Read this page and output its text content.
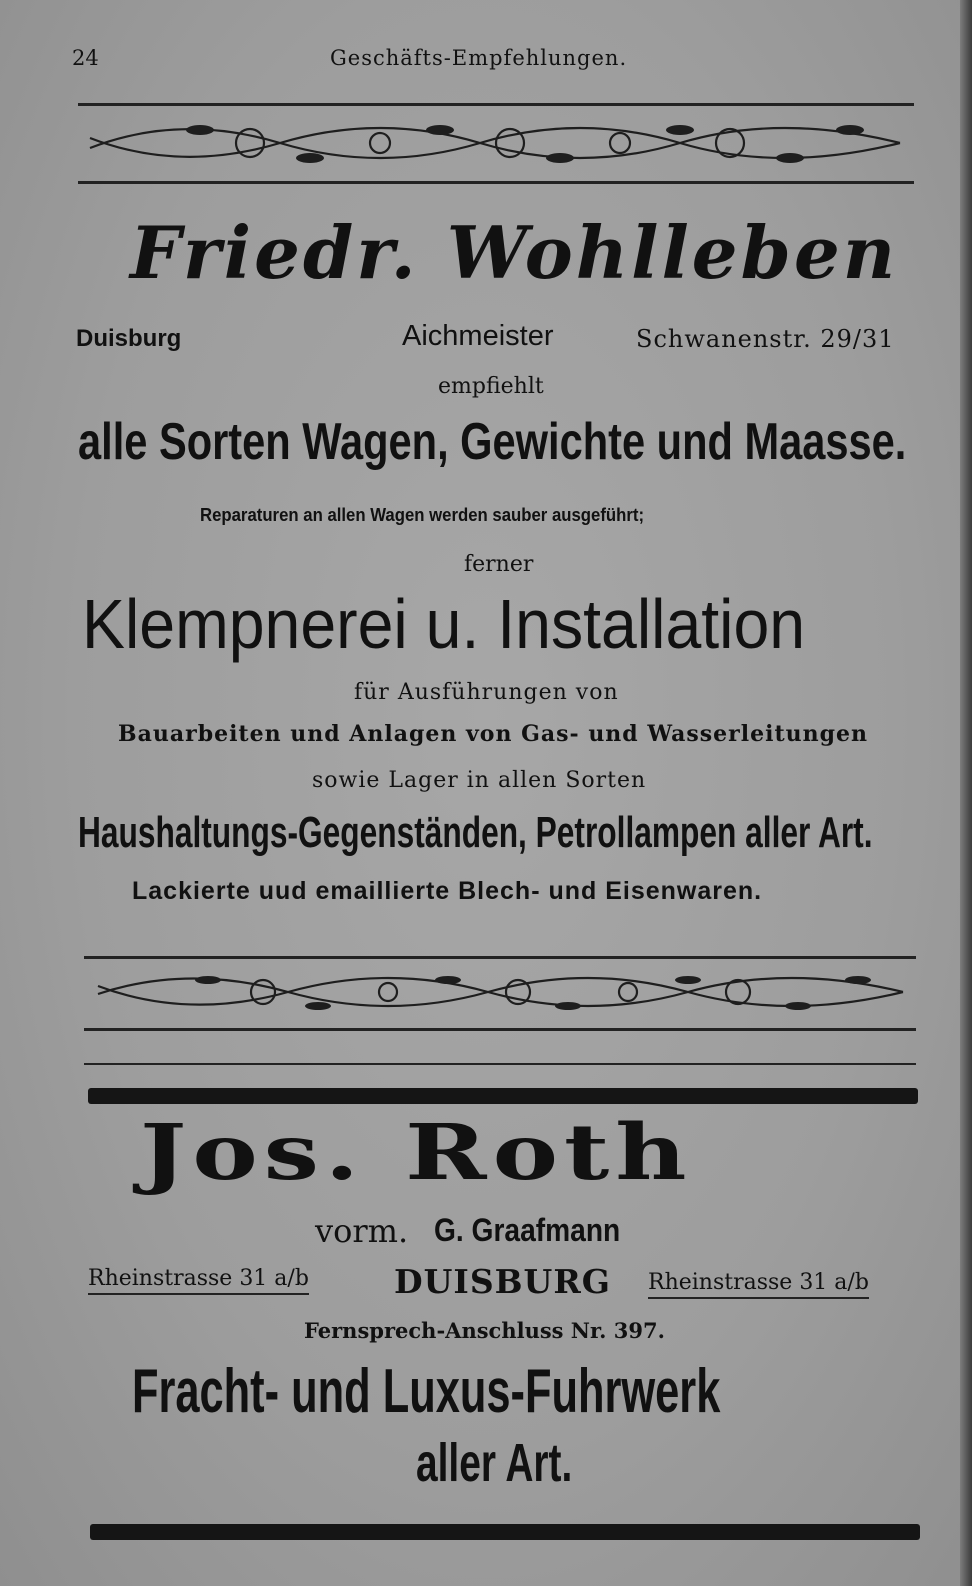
24	Geschäfts-Empfehlungen.
Friedr. Wohlleben
Duisburg	Aichmeister	Schwanenstr. 29/31
empfiehlt
alle Sorten Wagen, Gewichte und Maasse.
Reparaturen an allen Wagen werden sauber ausgeführt;
ferner
Klempnerei u. Installation
für Ausführungen von
Bauarbeiten und Anlagen von Gas- und Wasserleitungen
sowie Lager in allen Sorten
Haushaltungs-Gegenständen, Petrollampen aller Art.
Lackierte uud emaillierte Blech- und Eisenwaren.
Jos. Roth
vorm. G. Graafmann
Rheinstrasse 31 a/b	DUISBURG Rheinstrasse 31 a/b
Fernsprech-Anschluss Nr. 397.
Fracht- und Luxus-Fuhrwerk
aller Art.
